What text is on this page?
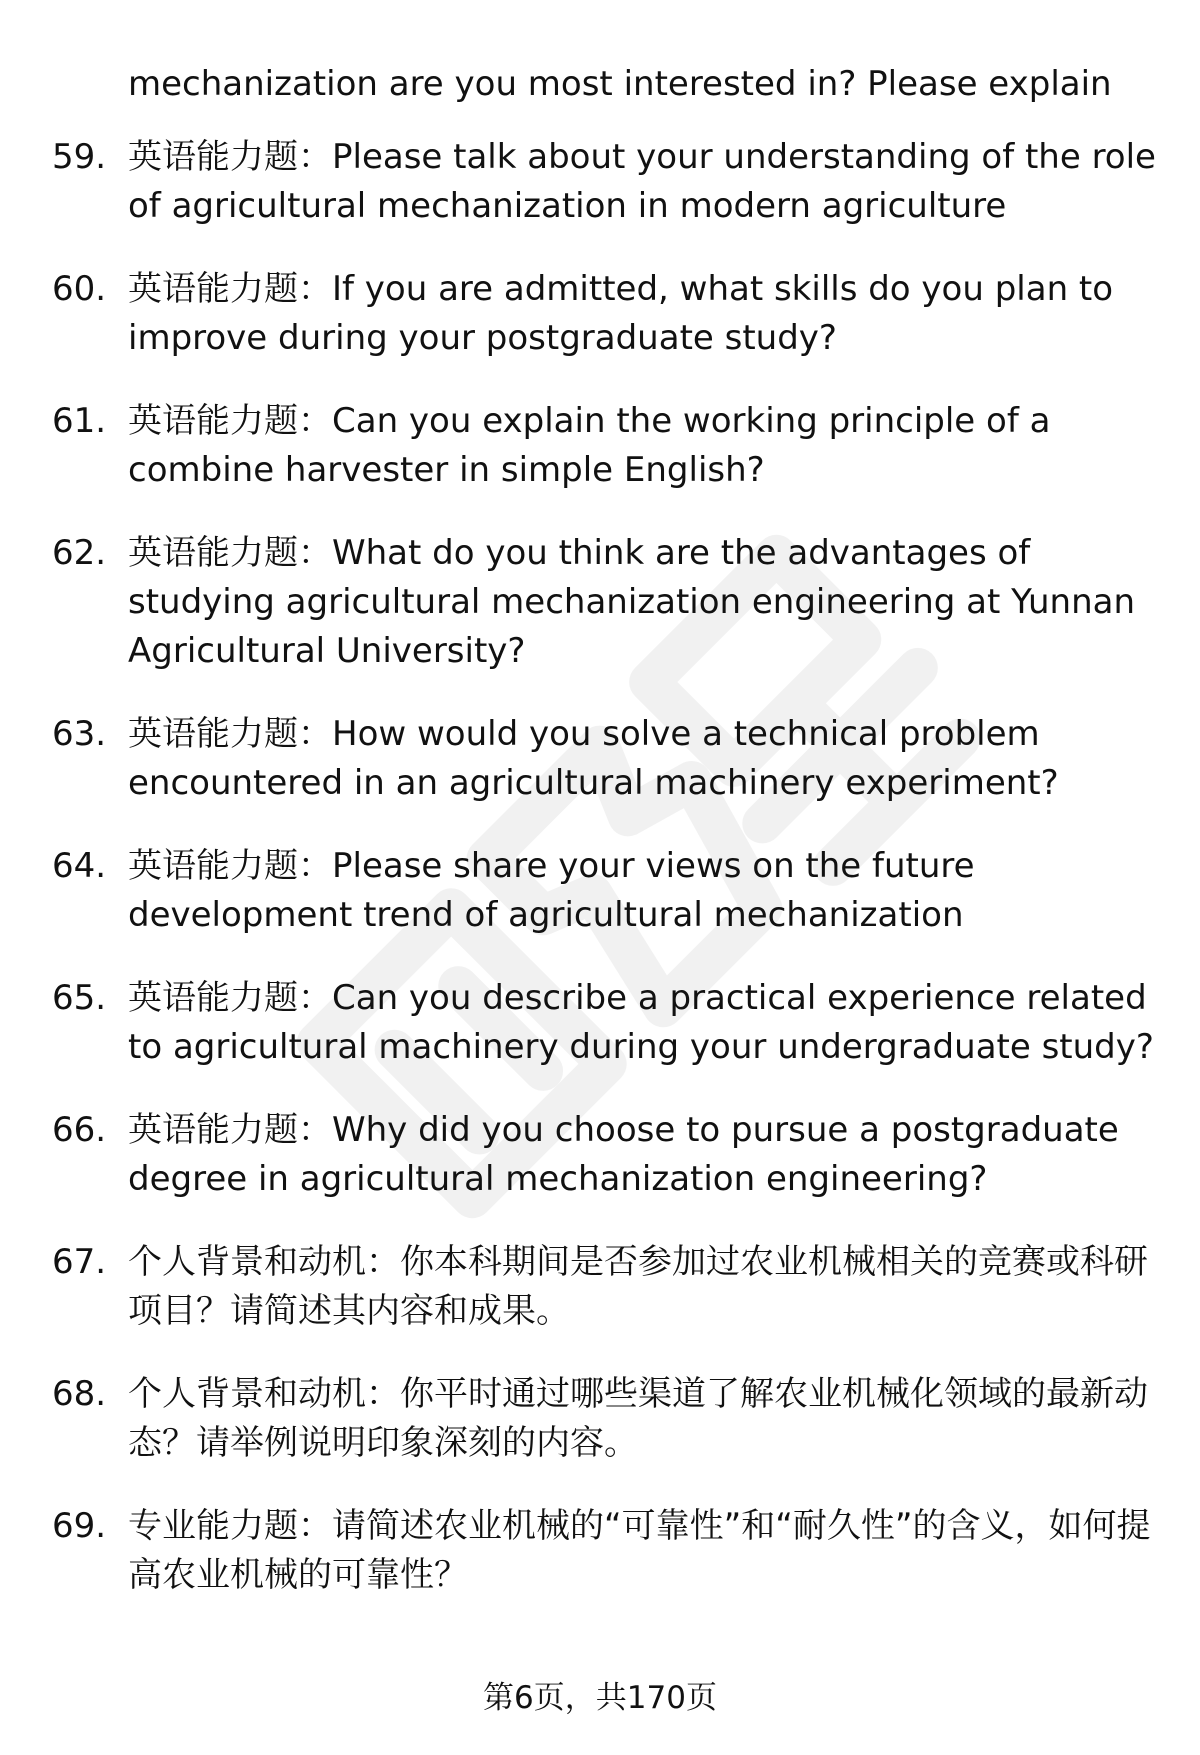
mechanization are you most interested in? Please explain
59. 英语能力题：Please talk about your understanding of the role of agricultural mechanization in modern agriculture
60. 英语能力题：If you are admitted, what skills do you plan to improve during your postgraduate study?
61. 英语能力题：Can you explain the working principle of a combine harvester in simple English?
62. 英语能力题：What do you think are the advantages of studying agricultural mechanization engineering at Yunnan Agricultural University?
63. 英语能力题：How would you solve a technical problem encountered in an agricultural machinery experiment?
64. 英语能力题：Please share your views on the future development trend of agricultural mechanization
65. 英语能力题：Can you describe a practical experience related to agricultural machinery during your undergraduate study?
66. 英语能力题：Why did you choose to pursue a postgraduate degree in agricultural mechanization engineering?
67. 个人背景和动机：你本科期间是否参加过农业机械相关的竞赛或科研项目？请简述其内容和成果。
68. 个人背景和动机：你平时通过哪些渠道了解农业机械化领域的最新动态？请举例说明印象深刻的内容。
69. 专业能力题：请简述农业机械的“可靠性”和“耐久性”的含义，如何提高农业机械的可靠性？
第6页，共170页
